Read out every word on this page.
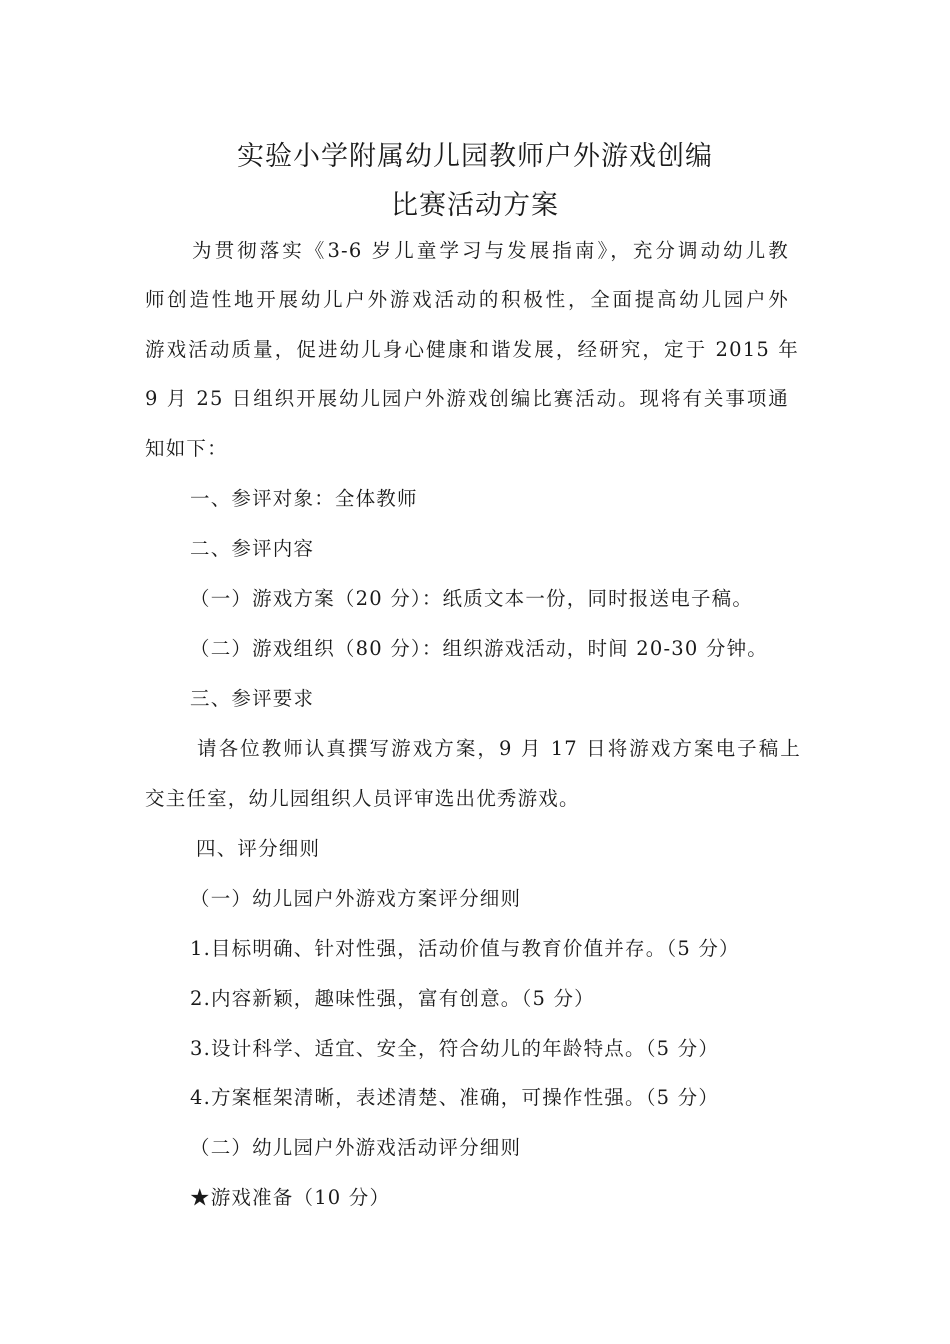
实验小学附属幼儿园教师户外游戏创编
比赛活动方案
为贯彻落实《3-6 岁儿童学习与发展指南》，充分调动幼儿教
师创造性地开展幼儿户外游戏活动的积极性，全面提高幼儿园户外
游戏活动质量，促进幼儿身心健康和谐发展，经研究，定于 2015 年
9 月 25 日组织开展幼儿园户外游戏创编比赛活动。现将有关事项通
知如下：
一、参评对象：全体教师
二、参评内容
（一）游戏方案（20 分）：纸质文本一份，同时报送电子稿。
（二）游戏组织（80 分）：组织游戏活动，时间 20-30 分钟。
三、参评要求
请各位教师认真撰写游戏方案，9 月 17 日将游戏方案电子稿上
交主任室，幼儿园组织人员评审选出优秀游戏。
四、评分细则
（一）幼儿园户外游戏方案评分细则
1.目标明确、针对性强，活动价值与教育价值并存。（5 分）
2.内容新颖，趣味性强，富有创意。（5 分）
3.设计科学、适宜、安全，符合幼儿的年龄特点。（5 分）
4.方案框架清晰，表述清楚、准确，可操作性强。（5 分）
（二）幼儿园户外游戏活动评分细则
★游戏准备（10 分）
